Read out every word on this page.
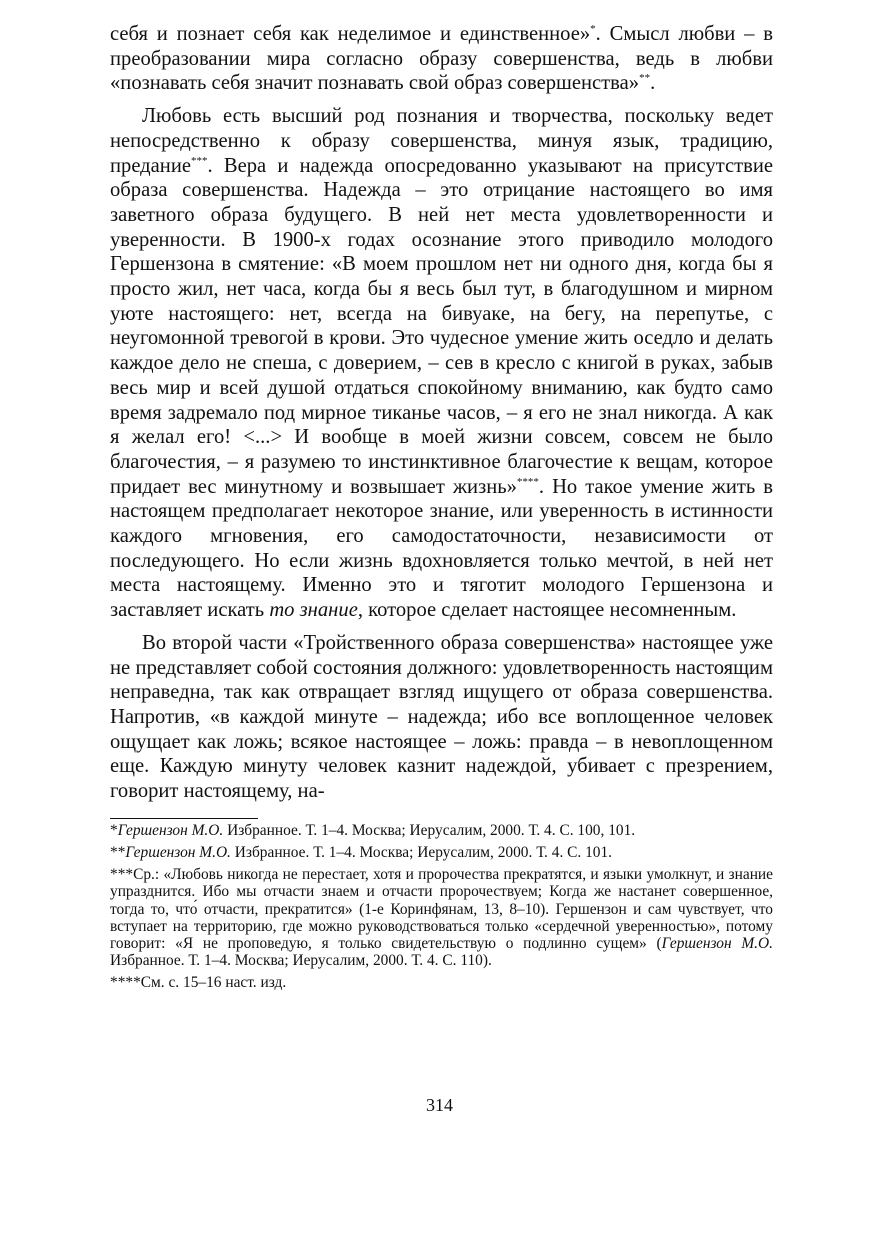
себя и познает себя как неделимое и единственное»*. Смысл любви – в преобразовании мира согласно образу совершенства, ведь в любви «познавать себя значит познавать свой образ совершенства»**.

Любовь есть высший род познания и творчества, поскольку ведет непосредственно к образу совершенства, минуя язык, традицию, предание***. Вера и надежда опосредованно указывают на присутствие образа совершенства. Надежда – это отрицание настоящего во имя заветного образа будущего. В ней нет места удовлетворенности и уверенности. В 1900-х годах осознание этого приводило молодого Гершензона в смятение: «В моем прошлом нет ни одного дня, когда бы я просто жил, нет часа, когда бы я весь был тут, в благодушном и мирном уюте настоящего: нет, всегда на бивуаке, на бегу, на перепутье, с неугомонной тревогой в крови. Это чудесное умение жить оседло и делать каждое дело не спеша, с доверием, – сев в кресло с книгой в руках, забыв весь мир и всей душой отдаться спокойному вниманию, как будто само время задремало под мирное тиканье часов, – я его не знал никогда. А как я желал его! <...> И вообще в моей жизни совсем, совсем не было благочестия, – я разумею то инстинктивное благочестие к вещам, которое придает вес минутному и возвышает жизнь»****. Но такое умение жить в настоящем предполагает некоторое знание, или уверенность в истинности каждого мгновения, его самодостаточности, независимости от последующего. Но если жизнь вдохновляется только мечтой, в ней нет места настоящему. Именно это и тяготит молодого Гершензона и заставляет искать то знание, которое сделает настоящее несомненным.

Во второй части «Тройственного образа совершенства» настоящее уже не представляет собой состояния должного: удовлетворенность настоящим неправедна, так как отвращает взгляд ищущего от образа совершенства. Напротив, «в каждой минуте – надежда; ибо все воплощенное человек ощущает как ложь; всякое настоящее – ложь: правда – в невоплощенном еще. Каждую минуту человек казнит надеждой, убивает с презрением, говорит настоящему, на-

*Гершензон М.О. Избранное. Т. 1–4. Москва; Иерусалим, 2000. Т. 4. С. 100, 101.

**Гершензон М.О. Избранное. Т. 1–4. Москва; Иерусалим, 2000. Т. 4. С. 101.

***Ср.: «Любовь никогда не перестает, хотя и пророчества прекратятся, и языки умолкнут, и знание упразднится. Ибо мы отчасти знаем и отчасти пророчествуем; Когда же настанет совершенное, тогда то, что́ отчасти, прекратится» (1-е Коринфянам, 13, 8–10). Гершензон и сам чувствует, что вступает на территорию, где можно руководствоваться только «сердечной уверенностью», потому говорит: «Я не проповедую, я только свидетельствую о подлинно сущем» (Гершензон М.О. Избранное. Т. 1–4. Москва; Иерусалим, 2000. Т. 4. С. 110).

****См. с. 15–16 наст. изд.

314
